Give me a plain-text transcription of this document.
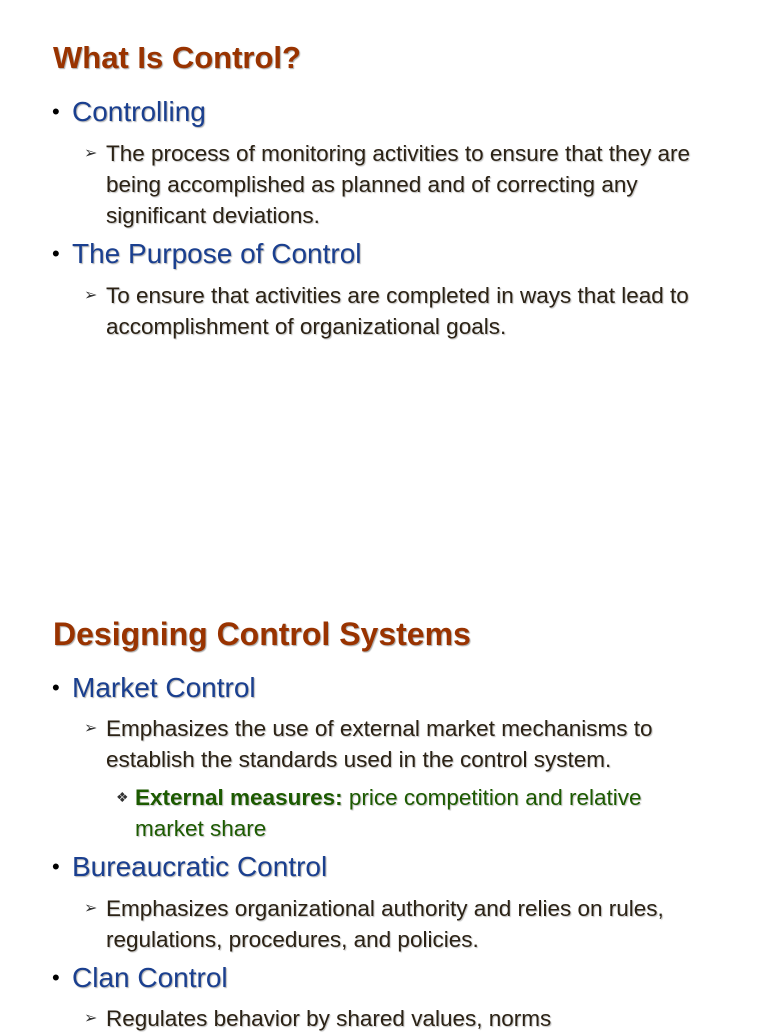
What Is Control?
• Controlling
➢ The process of monitoring activities to ensure that they are being accomplished as planned and of correcting any significant deviations.
• The Purpose of Control
➢ To ensure that activities are completed in ways that lead to accomplishment of organizational goals.
Designing Control Systems
• Market Control
➢ Emphasizes the use of external market mechanisms to establish the standards used in the control system.
❖ External measures: price competition and relative market share
• Bureaucratic Control
➢ Emphasizes organizational authority and relies on rules, regulations, procedures, and policies.
• Clan Control
➢ Regulates behavior by shared values, norms
